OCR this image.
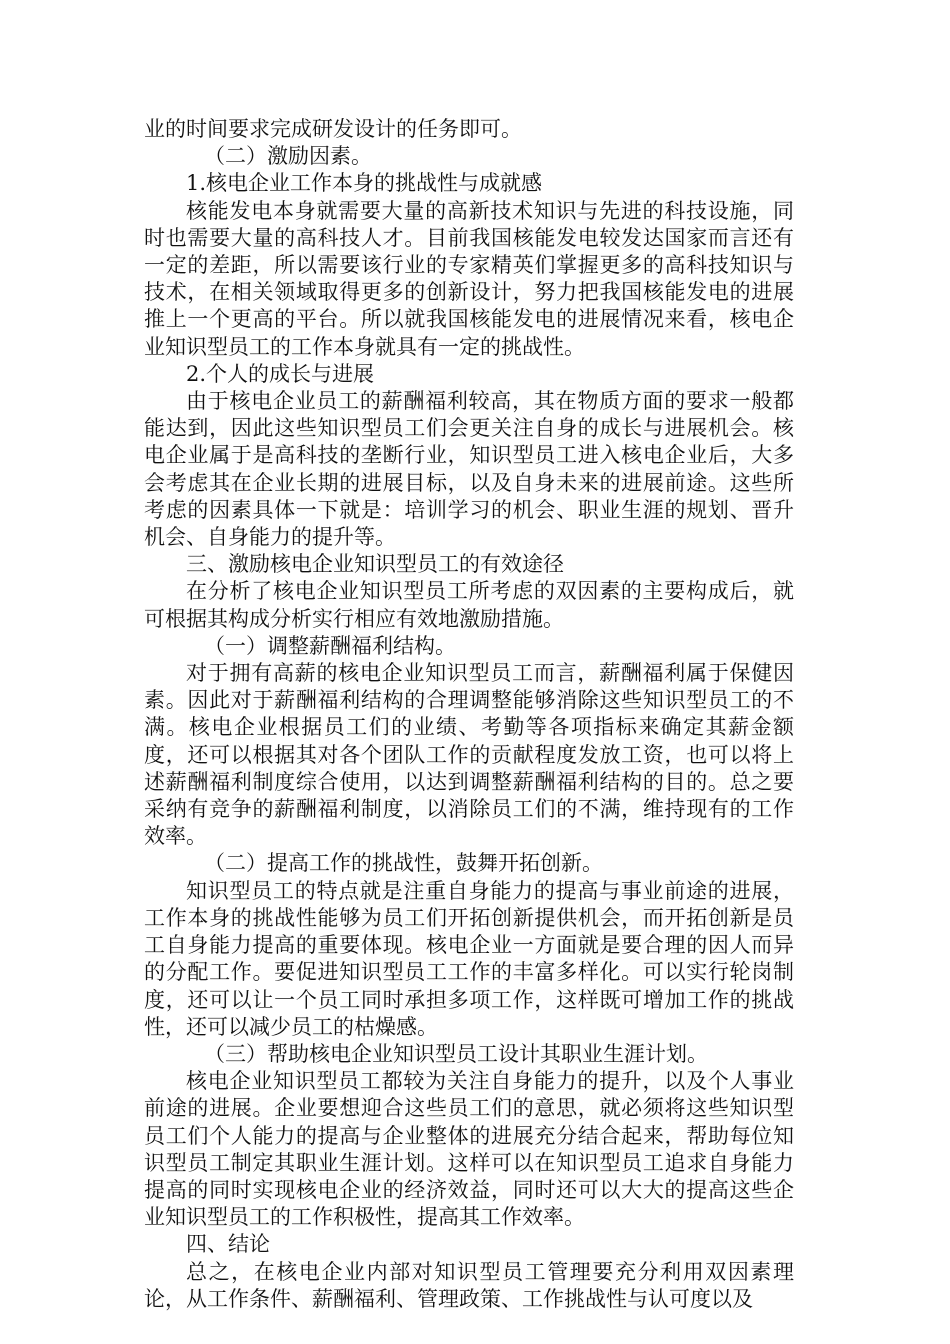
业的时间要求完成研发设计的任务即可。

（二）激励因素。

1.核电企业工作本身的挑战性与成就感

核能发电本身就需要大量的高新技术知识与先进的科技设施，同时也需要大量的高科技人才。目前我国核能发电较发达国家而言还有一定的差距，所以需要该行业的专家精英们掌握更多的高科技知识与技术，在相关领域取得更多的创新设计，努力把我国核能发电的进展推上一个更高的平台。所以就我国核能发电的进展情况来看，核电企业知识型员工的工作本身就具有一定的挑战性。

2.个人的成长与进展

由于核电企业员工的薪酬福利较高，其在物质方面的要求一般都能达到，因此这些知识型员工们会更关注自身的成长与进展机会。核电企业属于是高科技的垄断行业，知识型员工进入核电企业后，大多会考虑其在企业长期的进展目标，以及自身未来的进展前途。这些所考虑的因素具体一下就是：培训学习的机会、职业生涯的规划、晋升机会、自身能力的提升等。

三、激励核电企业知识型员工的有效途径

在分析了核电企业知识型员工所考虑的双因素的主要构成后，就可根据其构成分析实行相应有效地激励措施。

（一）调整薪酬福利结构。

对于拥有高薪的核电企业知识型员工而言，薪酬福利属于保健因素。因此对于薪酬福利结构的合理调整能够消除这些知识型员工的不满。核电企业根据员工们的业绩、考勤等各项指标来确定其薪金额度，还可以根据其对各个团队工作的贡献程度发放工资，也可以将上述薪酬福利制度综合使用，以达到调整薪酬福利结构的目的。总之要采纳有竞争的薪酬福利制度，以消除员工们的不满，维持现有的工作效率。

（二）提高工作的挑战性，鼓舞开拓创新。

知识型员工的特点就是注重自身能力的提高与事业前途的进展，工作本身的挑战性能够为员工们开拓创新提供机会，而开拓创新是员工自身能力提高的重要体现。核电企业一方面就是要合理的因人而异的分配工作。要促进知识型员工工作的丰富多样化。可以实行轮岗制度，还可以让一个员工同时承担多项工作，这样既可增加工作的挑战性，还可以减少员工的枯燥感。

（三）帮助核电企业知识型员工设计其职业生涯计划。

核电企业知识型员工都较为关注自身能力的提升，以及个人事业前途的进展。企业要想迎合这些员工们的意思，就必须将这些知识型员工们个人能力的提高与企业整体的进展充分结合起来，帮助每位知识型员工制定其职业生涯计划。这样可以在知识型员工追求自身能力提高的同时实现核电企业的经济效益，同时还可以大大的提高这些企业知识型员工的工作积极性，提高其工作效率。

四、结论

总之，在核电企业内部对知识型员工管理要充分利用双因素理论，从工作条件、薪酬福利、管理政策、工作挑战性与认可度以及
